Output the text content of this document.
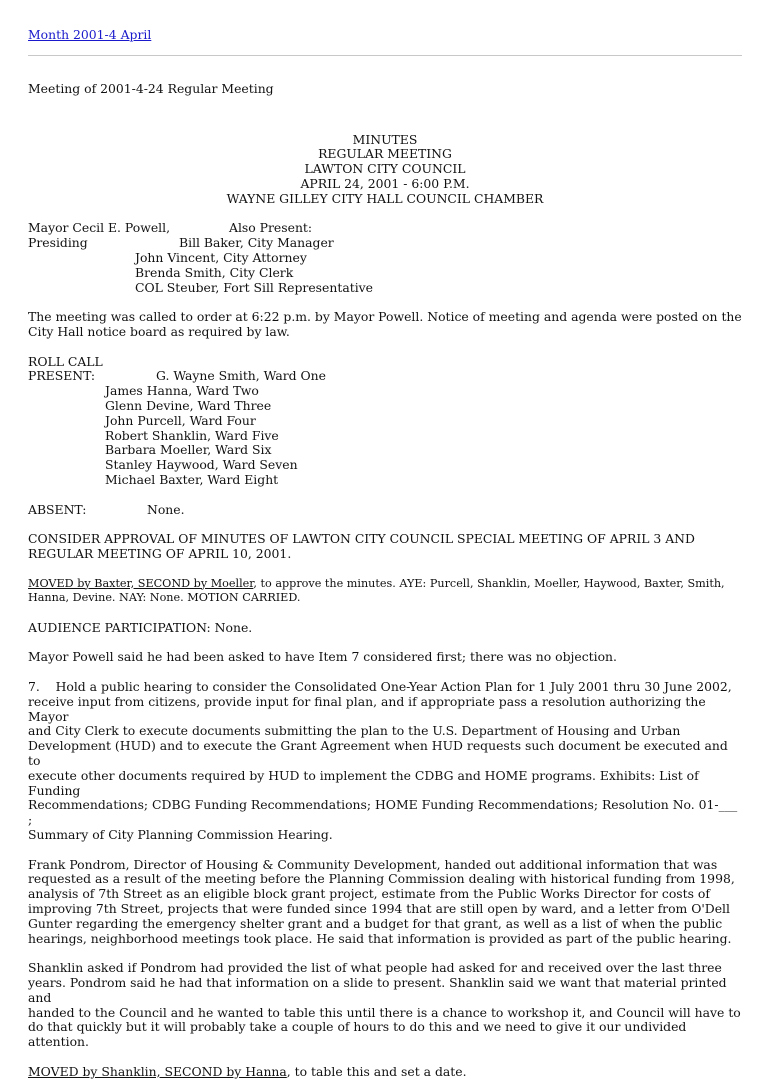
Month 2001-4 April

Meeting of 2001-4-24 Regular Meeting

MINUTES
REGULAR MEETING
LAWTON CITY COUNCIL
APRIL 24, 2001 - 6:00 P.M.
WAYNE GILLEY CITY HALL COUNCIL CHAMBER
Mayor Cecil E. Powell,	Also Present:
Presiding	Bill Baker, City Manager
John Vincent, City Attorney
Brenda Smith, City Clerk
COL Steuber, Fort Sill Representative

The meeting was called to order at 6:22 p.m. by Mayor Powell. Notice of meeting and agenda were posted on the City Hall notice board as required by law.

ROLL CALL
PRESENT:	G. Wayne Smith, Ward One
James Hanna, Ward Two
Glenn Devine, Ward Three
John Purcell, Ward Four
Robert Shanklin, Ward Five
Barbara Moeller, Ward Six
Stanley Haywood, Ward Seven
Michael Baxter, Ward Eight
ABSENT:	None.
CONSIDER APPROVAL OF MINUTES OF LAWTON CITY COUNCIL SPECIAL MEETING OF APRIL 3 AND
REGULAR MEETING OF APRIL 10, 2001.
MOVED by Baxter, SECOND by Moeller, to approve the minutes. AYE: Purcell, Shanklin, Moeller, Haywood, Baxter, Smith,
Hanna, Devine. NAY: None. MOTION CARRIED.

AUDIENCE PARTICIPATION: None.

Mayor Powell said he had been asked to have Item 7 considered first; there was no objection.

7.    Hold a public hearing to consider the Consolidated One-Year Action Plan for 1 July 2001 thru 30 June 2002,
receive input from citizens, provide input for final plan, and if appropriate pass a resolution authorizing the Mayor
and City Clerk to execute documents submitting the plan to the U.S. Department of Housing and Urban
Development (HUD) and to execute the Grant Agreement when HUD requests such document be executed and to
execute other documents required by HUD to implement the CDBG and HOME programs. Exhibits: List of Funding
Recommendations; CDBG Funding Recommendations; HOME Funding Recommendations; Resolution No. 01-___ ;
Summary of City Planning Commission Hearing.
Frank Pondrom, Director of Housing & Community Development, handed out additional information that was
requested as a result of the meeting before the Planning Commission dealing with historical funding from 1998,
analysis of 7th Street as an eligible block grant project, estimate from the Public Works Director for costs of
improving 7th Street, projects that were funded since 1994 that are still open by ward, and a letter from O'Dell
Gunter regarding the emergency shelter grant and a budget for that grant, as well as a list of when the public
hearings, neighborhood meetings took place. He said that information is provided as part of the public hearing.
Shanklin asked if Pondrom had provided the list of what people had asked for and received over the last three
years. Pondrom said he had that information on a slide to present. Shanklin said we want that material printed and
handed to the Council and he wanted to table this until there is a chance to workshop it, and Council will have to
do that quickly but it will probably take a couple of hours to do this and we need to give it our undivided attention.
MOVED by Shanklin, SECOND by Hanna, to table this and set a date.
